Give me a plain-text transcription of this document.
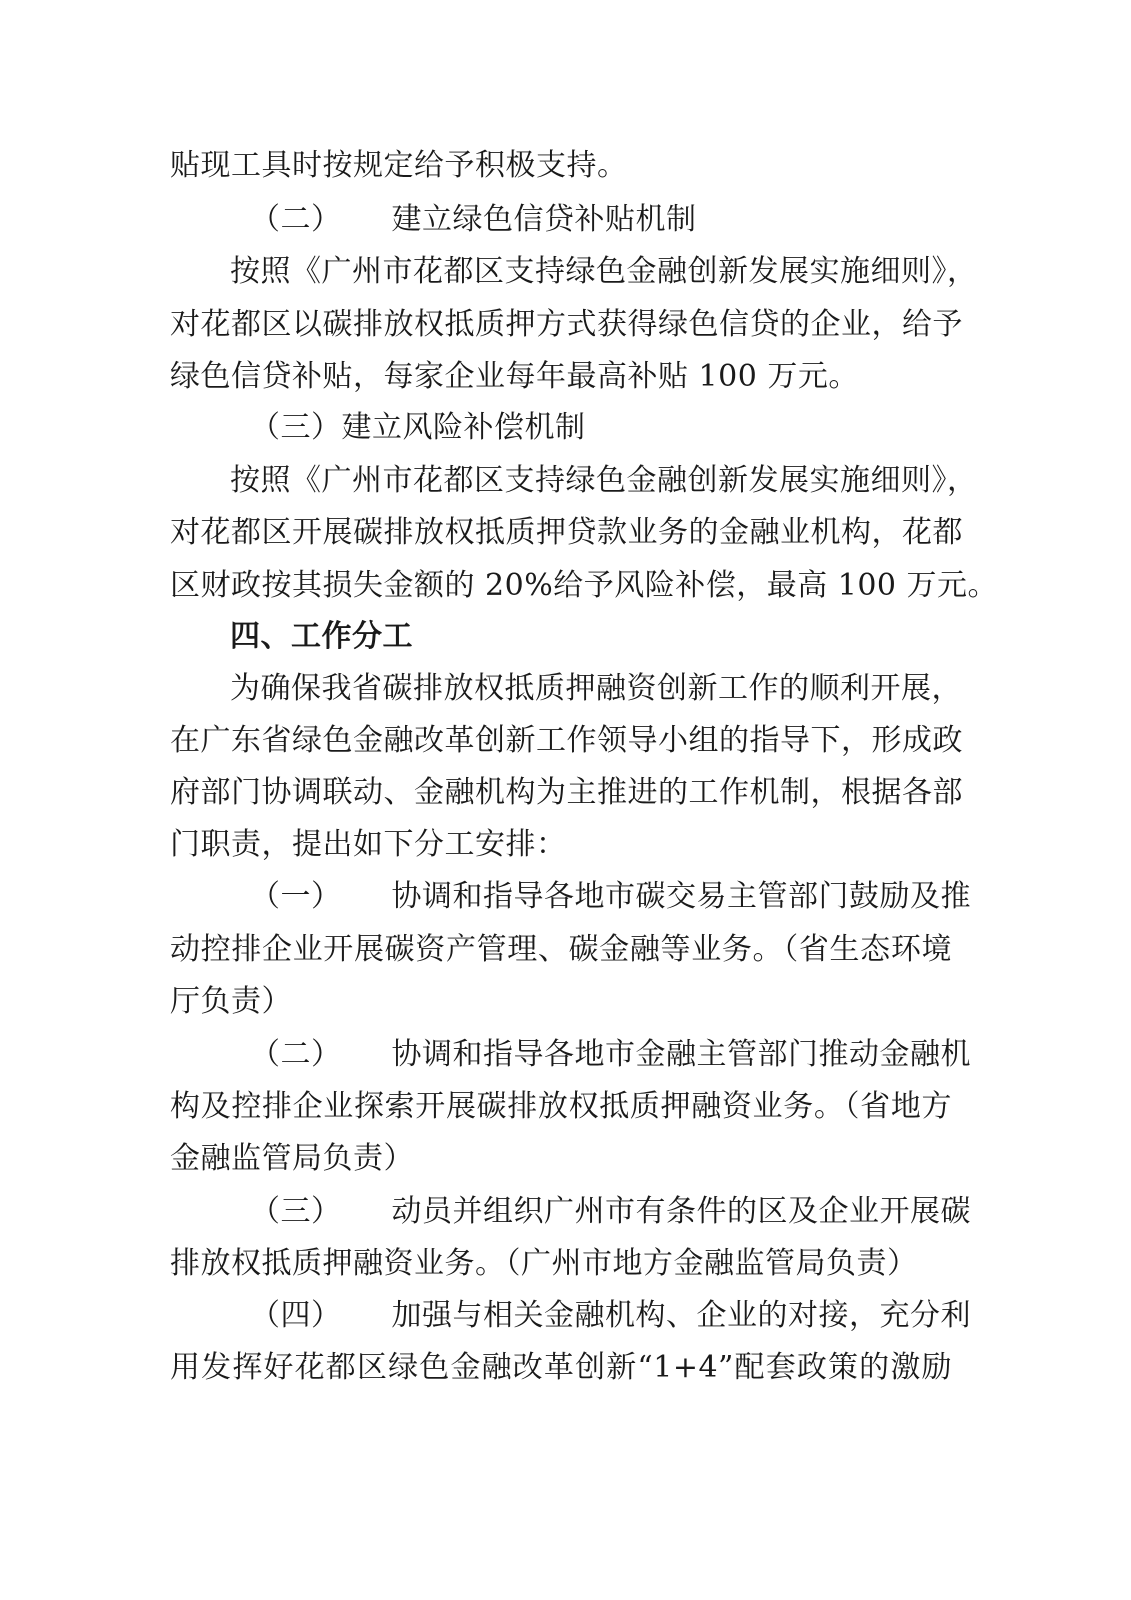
贴现工具时按规定给予积极支持。
（二） 建立绿色信贷补贴机制
按照《广州市花都区支持绿色金融创新发展实施细则》，
对花都区以碳排放权抵质押方式获得绿色信贷的企业，给予
绿色信贷补贴，每家企业每年最高补贴 100 万元。
（三）建立风险补偿机制
按照《广州市花都区支持绿色金融创新发展实施细则》，
对花都区开展碳排放权抵质押贷款业务的金融业机构，花都
区财政按其损失金额的 20%给予风险补偿，最高 100 万元。
四、工作分工
为确保我省碳排放权抵质押融资创新工作的顺利开展，
在广东省绿色金融改革创新工作领导小组的指导下，形成政
府部门协调联动、金融机构为主推进的工作机制，根据各部
门职责，提出如下分工安排：
（一） 协调和指导各地市碳交易主管部门鼓励及推
动控排企业开展碳资产管理、碳金融等业务。（省生态环境
厅负责）
（二） 协调和指导各地市金融主管部门推动金融机
构及控排企业探索开展碳排放权抵质押融资业务。（省地方
金融监管局负责）
（三） 动员并组织广州市有条件的区及企业开展碳
排放权抵质押融资业务。（广州市地方金融监管局负责）
（四） 加强与相关金融机构、企业的对接，充分利
用发挥好花都区绿色金融改革创新“1+4”配套政策的激励
